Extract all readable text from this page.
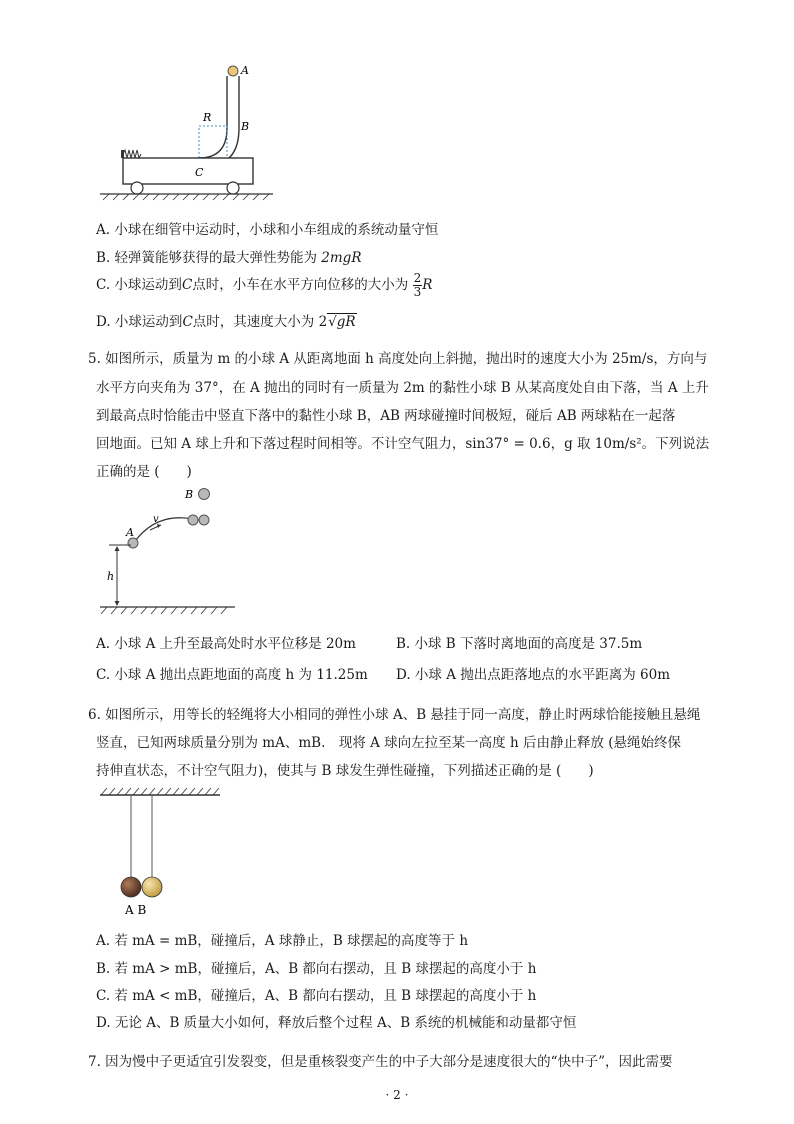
A
B
R
C
A. 小球在细管中运动时，小球和小车组成的系统动量守恒
B. 轻弹簧能够获得的最大弹性势能为 2mgR
C. 小球运动到C点时，小车在水平方向位移的大小为 $\frac{2}{3}$ R
D. 小球运动到C点时，其速度大小为 2√gR
5. 如图所示，质量为 m 的小球 A 从距离地面 h 高度处向上斜抛，抛出时的速度大小为 25m/s，方向与
水平方向夹角为 37°，在 A 抛出的同时有一质量为 2m 的黏性小球 B 从某高度处自由下落，当 A 上升
到最高点时恰能击中竖直下落中的黏性小球 B，AB 两球碰撞时间极短，碰后 AB 两球粘在一起落
回地面。已知 A 球上升和下落过程时间相等。不计空气阻力，sin37° = 0.6，g 取 10m/s²。下列说法
正确的是 (　　)
B
A
v
h
A. 小球 A 上升至最高处时水平位移是 20m	B. 小球 B 下落时离地面的高度是 37.5m
C. 小球 A 抛出点距地面的高度 h 为 11.25m D. 小球 A 抛出点距落地点的水平距离为 60m
6. 如图所示，用等长的轻绳将大小相同的弹性小球 A、B 悬挂于同一高度，静止时两球恰能接触且悬绳
竖直，已知两球质量分别为 mA、mB.　现将 A 球向左拉至某一高度 h 后由静止释放 (悬绳始终保
持伸直状态，不计空气阻力)，使其与 B 球发生弹性碰撞，下列描述正确的是 (　　)
A B
A. 若 mA = mB，碰撞后，A 球静止，B 球摆起的高度等于 h
B. 若 mA > mB，碰撞后，A、B 都向右摆动，且 B 球摆起的高度小于 h
C. 若 mA < mB，碰撞后，A、B 都向右摆动，且 B 球摆起的高度小于 h
D. 无论 A、B 质量大小如何，释放后整个过程 A、B 系统的机械能和动量都守恒
7. 因为慢中子更适宜引发裂变，但是重核裂变产生的中子大部分是速度很大的“快中子”，因此需要
· 2 ·
